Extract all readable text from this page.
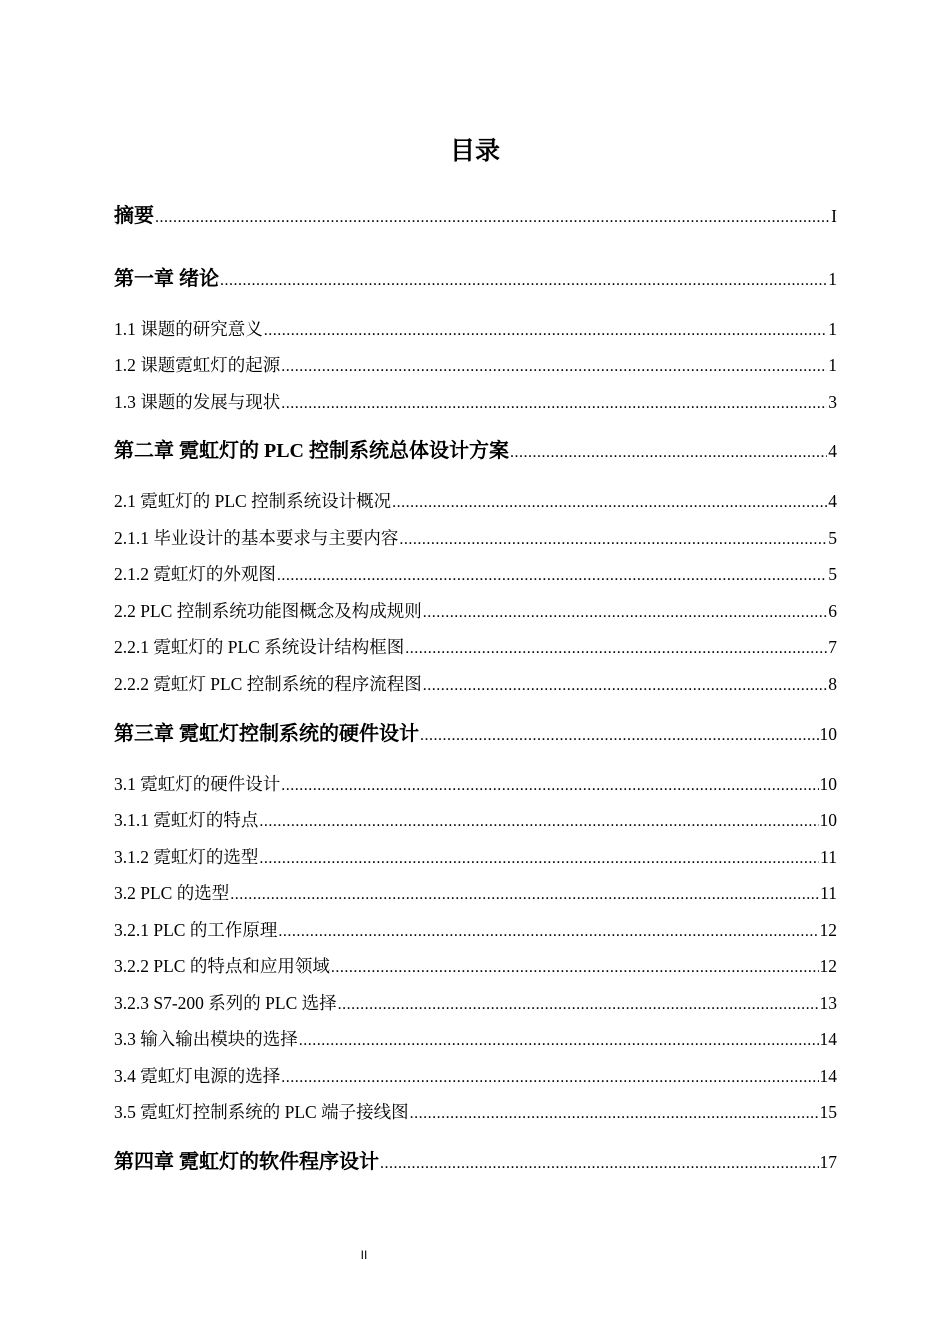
目录
摘要 .....	I
第一章 绪论 .....	1
1.1 课题的研究意义 .....	1
1.2 课题霓虹灯的起源 .....	1
1.3 课题的发展与现状 .....	3
第二章 霓虹灯的 PLC 控制系统总体设计方案 .....	4
2.1 霓虹灯的 PLC 控制系统设计概况 .....	4
2.1.1 毕业设计的基本要求与主要内容 .....	5
2.1.2 霓虹灯的外观图 .....	5
2.2 PLC 控制系统功能图概念及构成规则 .....	6
2.2.1 霓虹灯的 PLC 系统设计结构框图 .....	7
2.2.2 霓虹灯 PLC 控制系统的程序流程图 .....	8
第三章 霓虹灯控制系统的硬件设计 .....	10
3.1 霓虹灯的硬件设计 .....	10
3.1.1 霓虹灯的特点 .....	10
3.1.2 霓虹灯的选型 .....	11
3.2 PLC 的选型 .....	11
3.2.1 PLC 的工作原理 .....	12
3.2.2 PLC 的特点和应用领域 .....	12
3.2.3 S7-200 系列的 PLC 选择 .....	13
3.3 输入输出模块的选择 .....	14
3.4 霓虹灯电源的选择 .....	14
3.5 霓虹灯控制系统的 PLC 端子接线图 .....	15
第四章 霓虹灯的软件程序设计 .....	17
II
